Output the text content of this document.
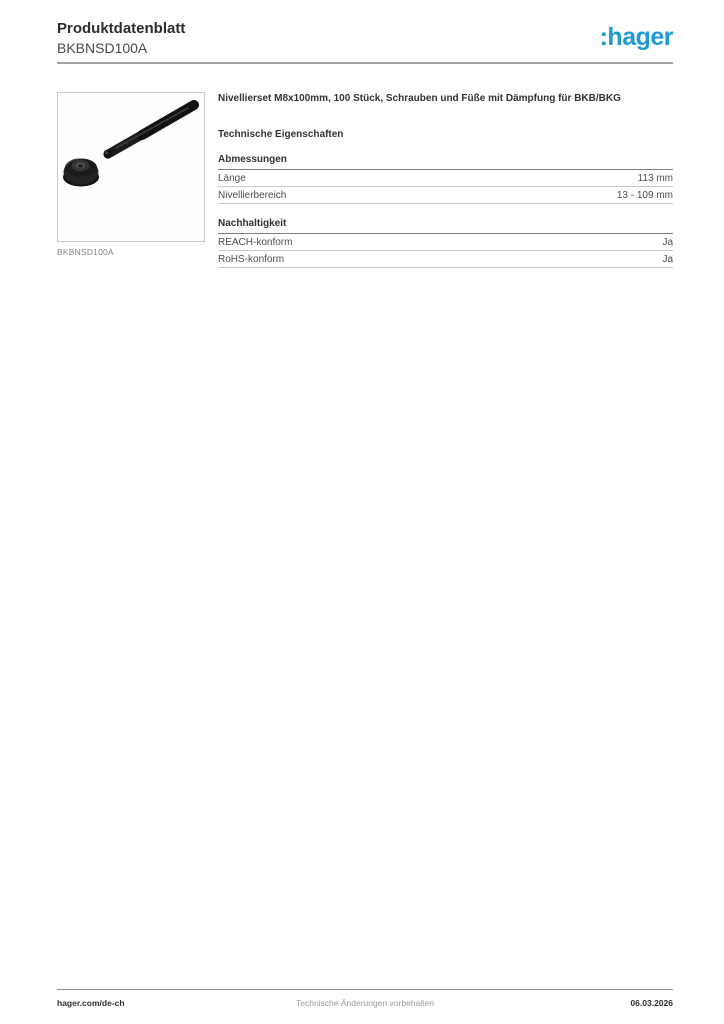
Produktdatenblatt
BKBNSD100A	:hager
BKBNSD100A
Nivellierset M8x100mm, 100 Stück, Schrauben und Füße mit Dämpfung für BKB/BKG
Technische Eigenschaften
Abmessungen
Länge	113 mm
Nivellierbereich	13 - 109 mm
Nachhaltigkeit
REACH-konform	Ja
RoHS-konform	Ja
hager.com/de-ch	Technische Änderungen vorbehalten	06.03.2026
